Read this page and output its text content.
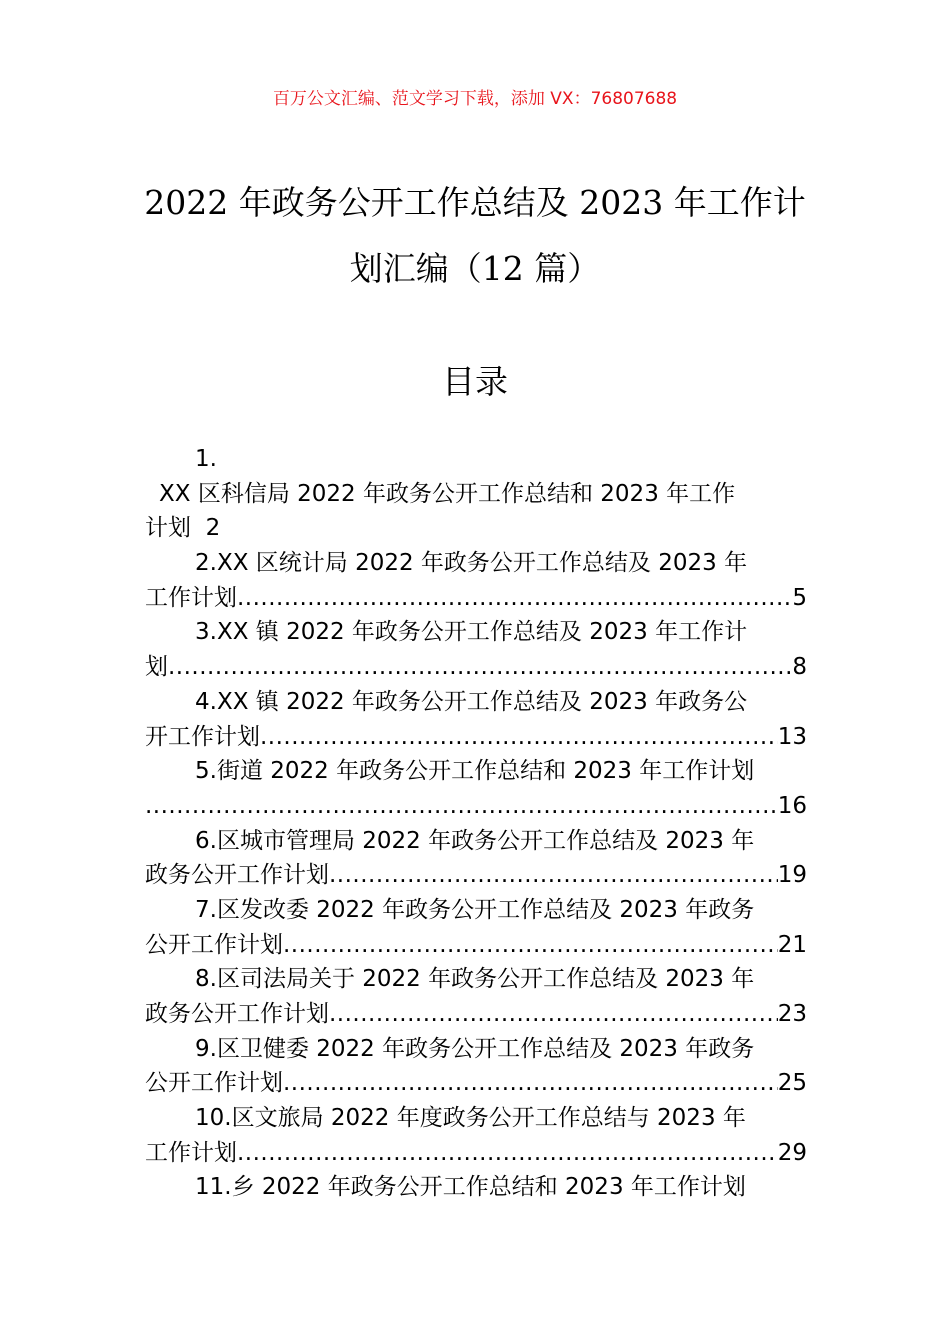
百万公文汇编、范文学习下载，添加 VX：76807688
2022 年政务公开工作总结及 2023 年工作计
划汇编（12 篇）
目录
1.
XX 区科信局 2022 年政务公开工作总结和 2023 年工作
计划 2
2.XX 区统计局 2022 年政务公开工作总结及 2023 年
工作计划 .....	5
3.XX 镇 2022 年政务公开工作总结及 2023 年工作计
划 .....	8
4.XX 镇 2022 年政务公开工作总结及 2023 年政务公
开工作计划 .....	13
5.街道 2022 年政务公开工作总结和 2023 年工作计划
.....
16
6.区城市管理局 2022 年政务公开工作总结及 2023 年
政务公开工作计划 .....	19
7.区发改委 2022 年政务公开工作总结及 2023 年政务
公开工作计划 .....	21
8.区司法局关于 2022 年政务公开工作总结及 2023 年
政务公开工作计划 .....	23
9.区卫健委 2022 年政务公开工作总结及 2023 年政务
公开工作计划 .....	25
10.区文旅局 2022 年度政务公开工作总结与 2023 年
工作计划 .....	29
11.乡 2022 年政务公开工作总结和 2023 年工作计划
